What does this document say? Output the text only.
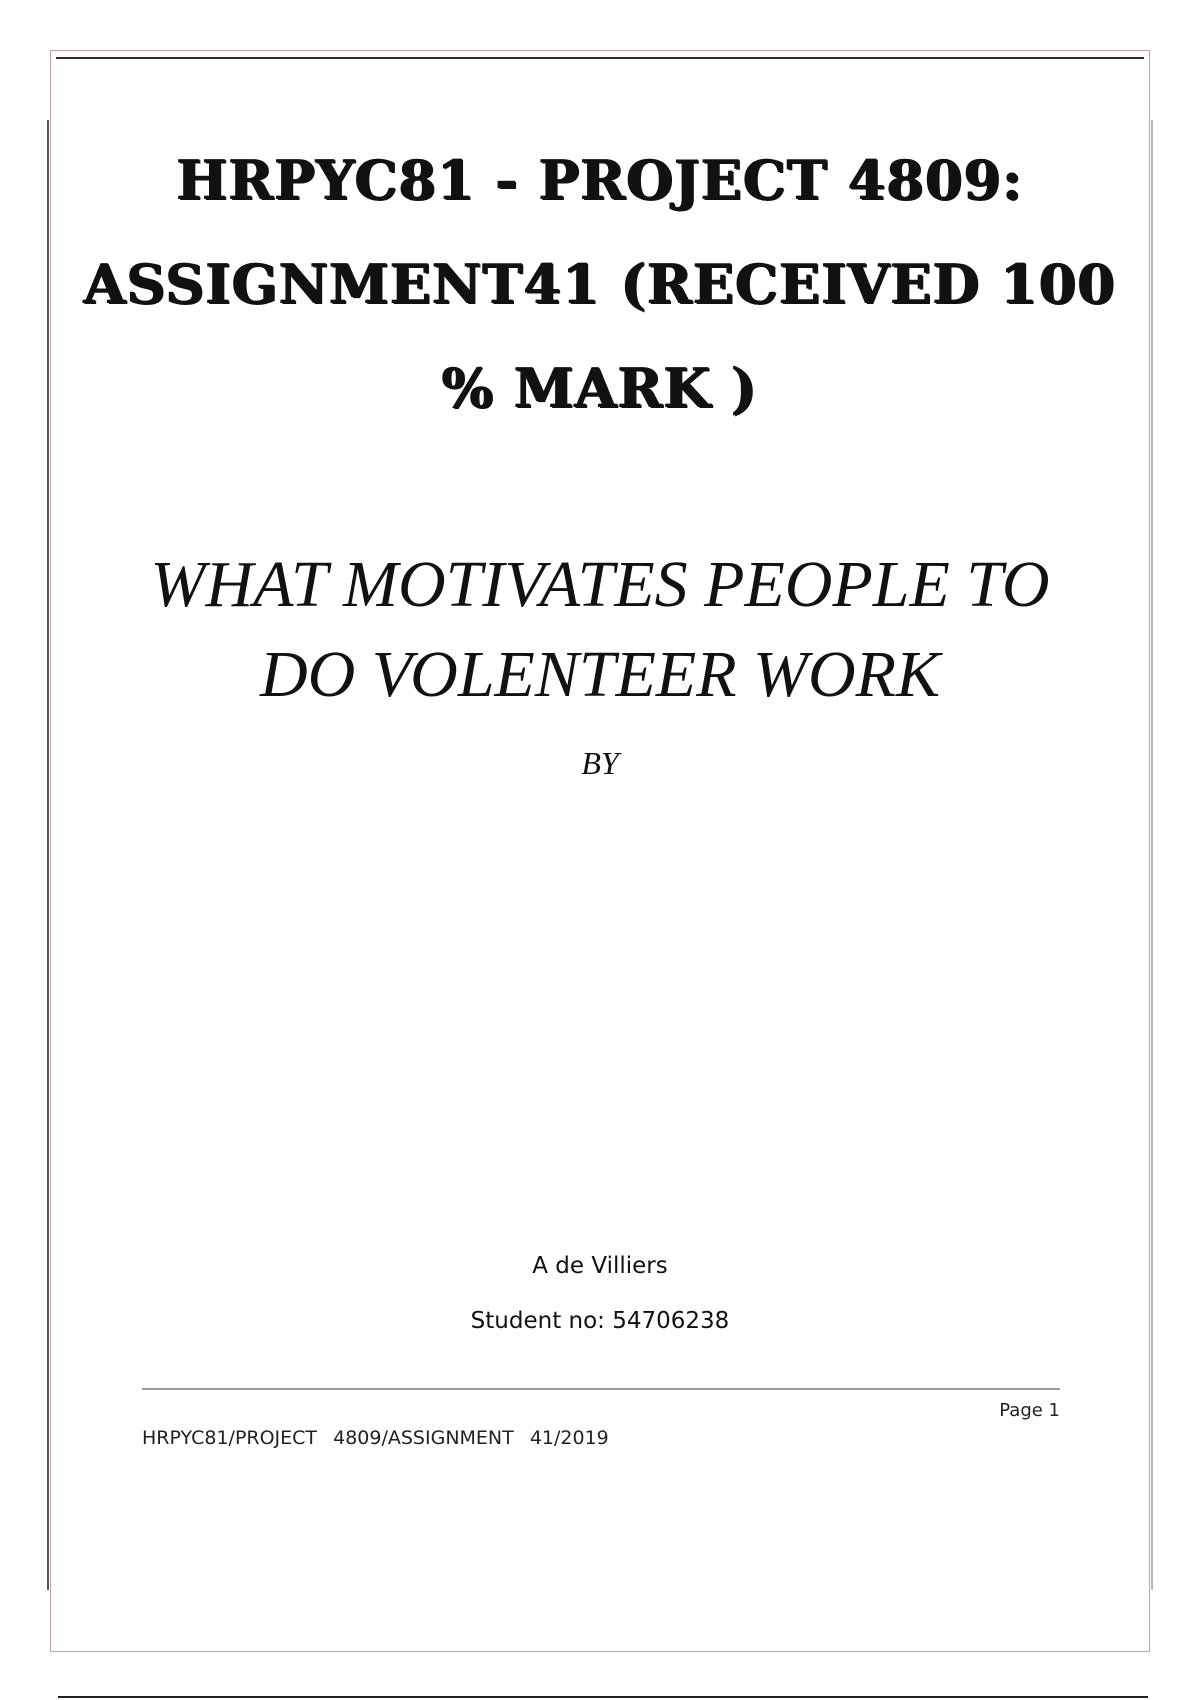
HRPYC81 - PROJECT 4809:
ASSIGNMENT41 (RECEIVED 100
% MARK )
WHAT MOTIVATES PEOPLE TO
DO VOLENTEER WORK
BY
A de Villiers
Student no: 54706238
Page 1
HRPYC81/PROJECT  4809/ASSIGNMENT  41/2019
